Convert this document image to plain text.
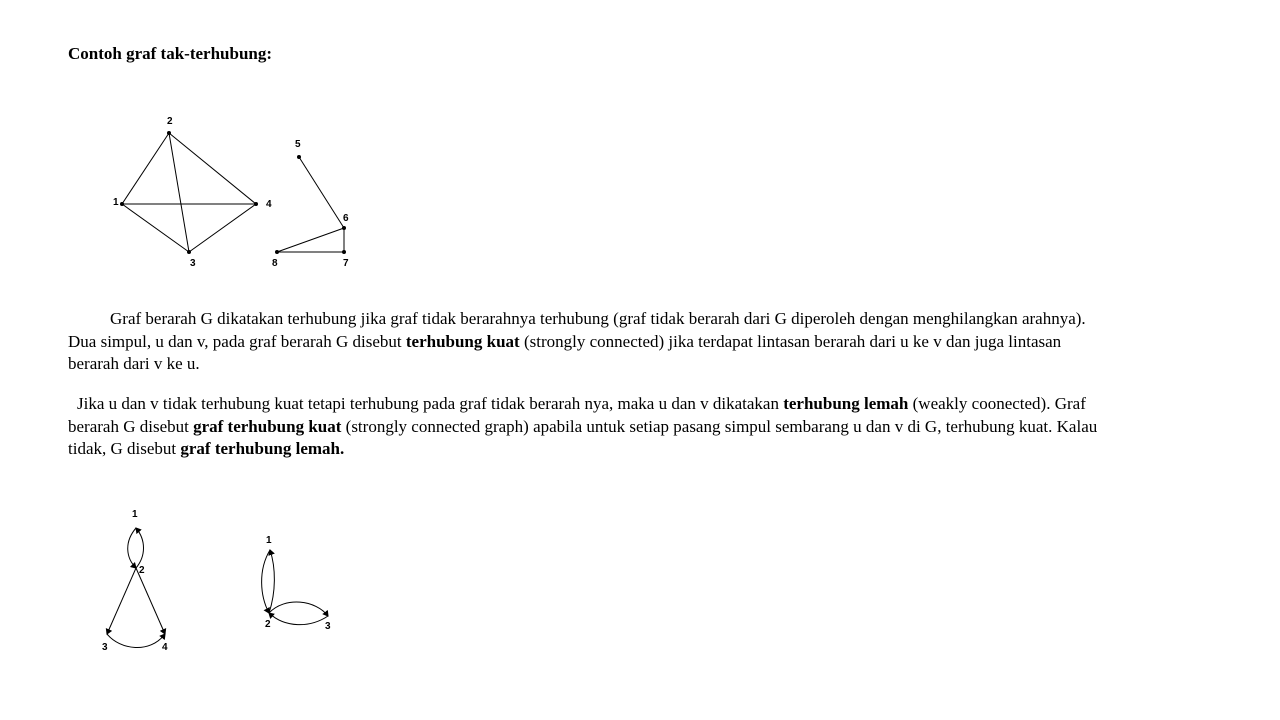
Contoh graf tak-terhubung:
1
2
3
4
5
6
7
8

Graf berarah G dikatakan terhubung jika graf tidak berarahnya terhubung (graf tidak berarah dari G diperoleh dengan menghilangkan arahnya). Dua simpul, u dan v, pada graf berarah G disebut terhubung kuat (strongly connected) jika terdapat lintasan berarah dari u ke v dan juga lintasan berarah dari v ke u.

Jika u dan v tidak terhubung kuat tetapi terhubung pada graf tidak berarah nya, maka u dan v dikatakan terhubung lemah (weakly coonected). Graf berarah G disebut graf terhubung kuat (strongly connected graph) apabila untuk setiap pasang simpul sembarang u dan v di G, terhubung kuat. Kalau tidak, G disebut graf terhubung lemah.

1
2
3	4
1
2	3
